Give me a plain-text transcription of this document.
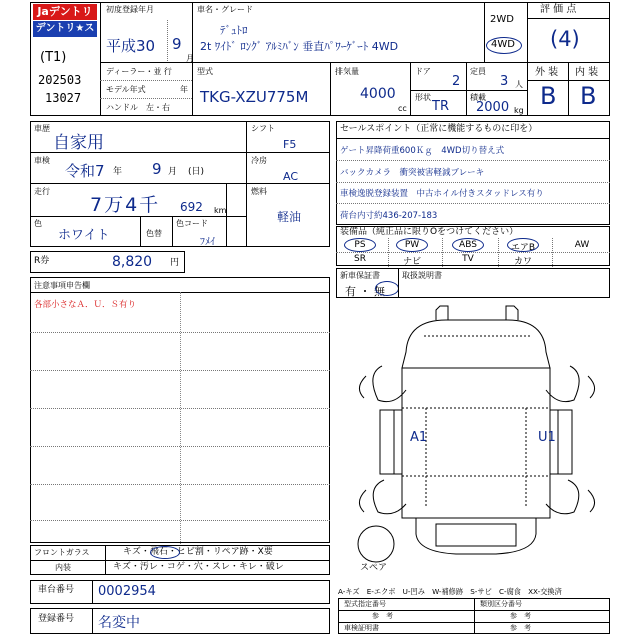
Jaデントリ
デントリ★スター
(T1)
202503
13027
初度登録年月
平成30 9
月
車名・グレード
ﾃﾞｭﾄﾛ
2t ﾜｲﾄﾞ ﾛﾝｸﾞ ｱﾙﾐﾊﾞﾝ 垂直ﾊﾟﾜｰｹﾞｰﾄ 4WD
2WD
4WD
評 価 点
(4)
外 装 内 装
B B
ディーラー・並 行
モデル年式	年
ハンドル　左・右
型式
TKG-XZU775M
排気量
4000
cc
ドア
2
定員
3 人
形状
TR
積載
2000 kg
車歴
自家用
シフト
F5
車検
令和7 年 9 月 (日)
冷房
AC
走行
7万4千 692 km
燃料
軽油
色
ホワイト	色替
色コード
ﾌﾒｲ
R券	8,820 円
セールスポイント（正常に機能するものに印を）
ゲート昇降荷重600Ｋｇ　4WD切り替え式
バックカメラ　衝突被害軽減ブレーキ
車検逸脱登録装置　中古ホイル付きスタッドレス有り
荷台内寸約436-207-183
装備品（純正品に限りOをつけてください）
PS	PW	ABS	エアB	AW
SR	ナビ	TV	カワ
新車保証書
有 ・ 無
取扱説明書
注意事項申告欄
各部小さなＡ．Ｕ．Ｓ有り
A1	U1
スペア
フロントガラス	キズ・飛石・ヒビ割・リペア跡・X要
内装	キズ・汚レ・コゲ・穴・スレ・キレ・破レ
車台番号 0002954
登録番号 名変中
A-キズ　E-エクボ　U-凹み　W-補修跡　S-サビ　C-腐食　XX-交換済
型式指定番号	類別区分番号
参　考	参　考
車検証明書	参　考
